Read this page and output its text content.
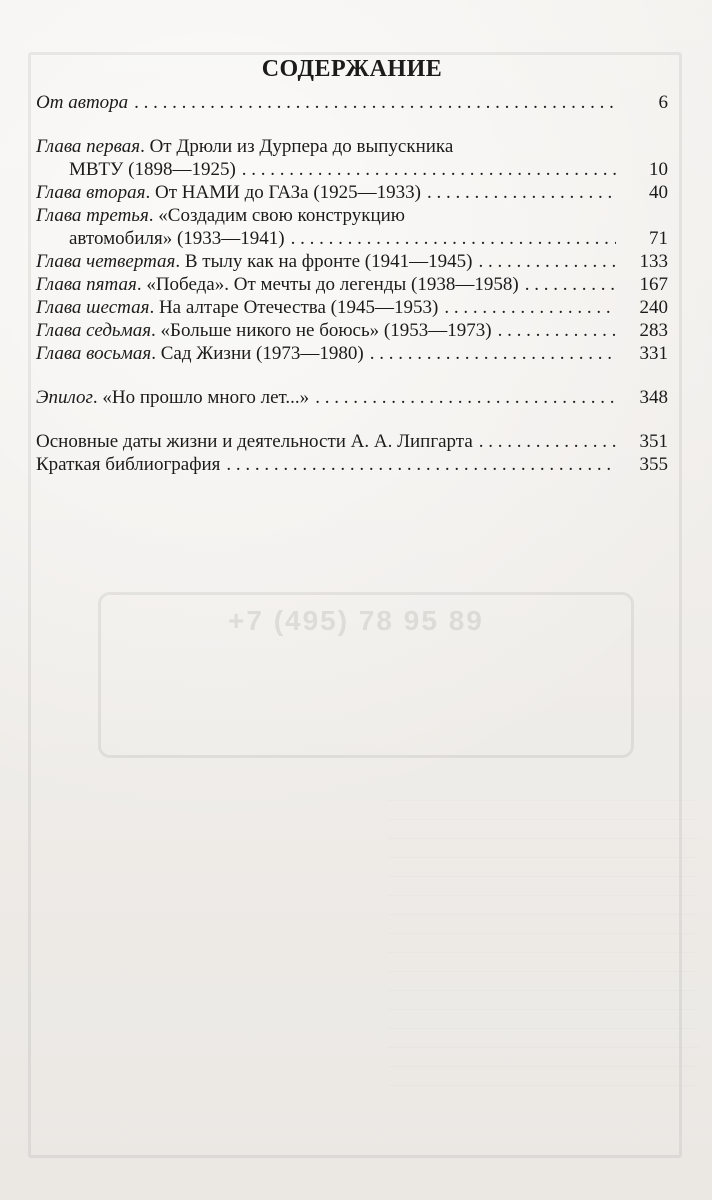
+7 (495) 78 95 89
СОДЕРЖАНИЕ
От автора . . .	6
Глава первая. От Дрюли из Дурпера до выпускника
МВТУ (1898—1925) . . .	10
Глава вторая. От НАМИ до ГАЗа (1925—1933) . . .	40
Глава третья. «Создадим свою конструкцию
автомобиля» (1933—1941) . . .	71
Глава четвертая. В тылу как на фронте (1941—1945) . . .	133
Глава пятая. «Победа». От мечты до легенды (1938—1958) . . .	167
Глава шестая. На алтаре Отечества (1945—1953) . . .	240
Глава седьмая. «Больше никого не боюсь» (1953—1973) . . .	283
Глава восьмая. Сад Жизни (1973—1980) . . .	331
Эпилог. «Но прошло много лет...» . . .	348
Основные даты жизни и деятельности А. А. Липгарта . . .	351
Краткая библиография . . .	355
